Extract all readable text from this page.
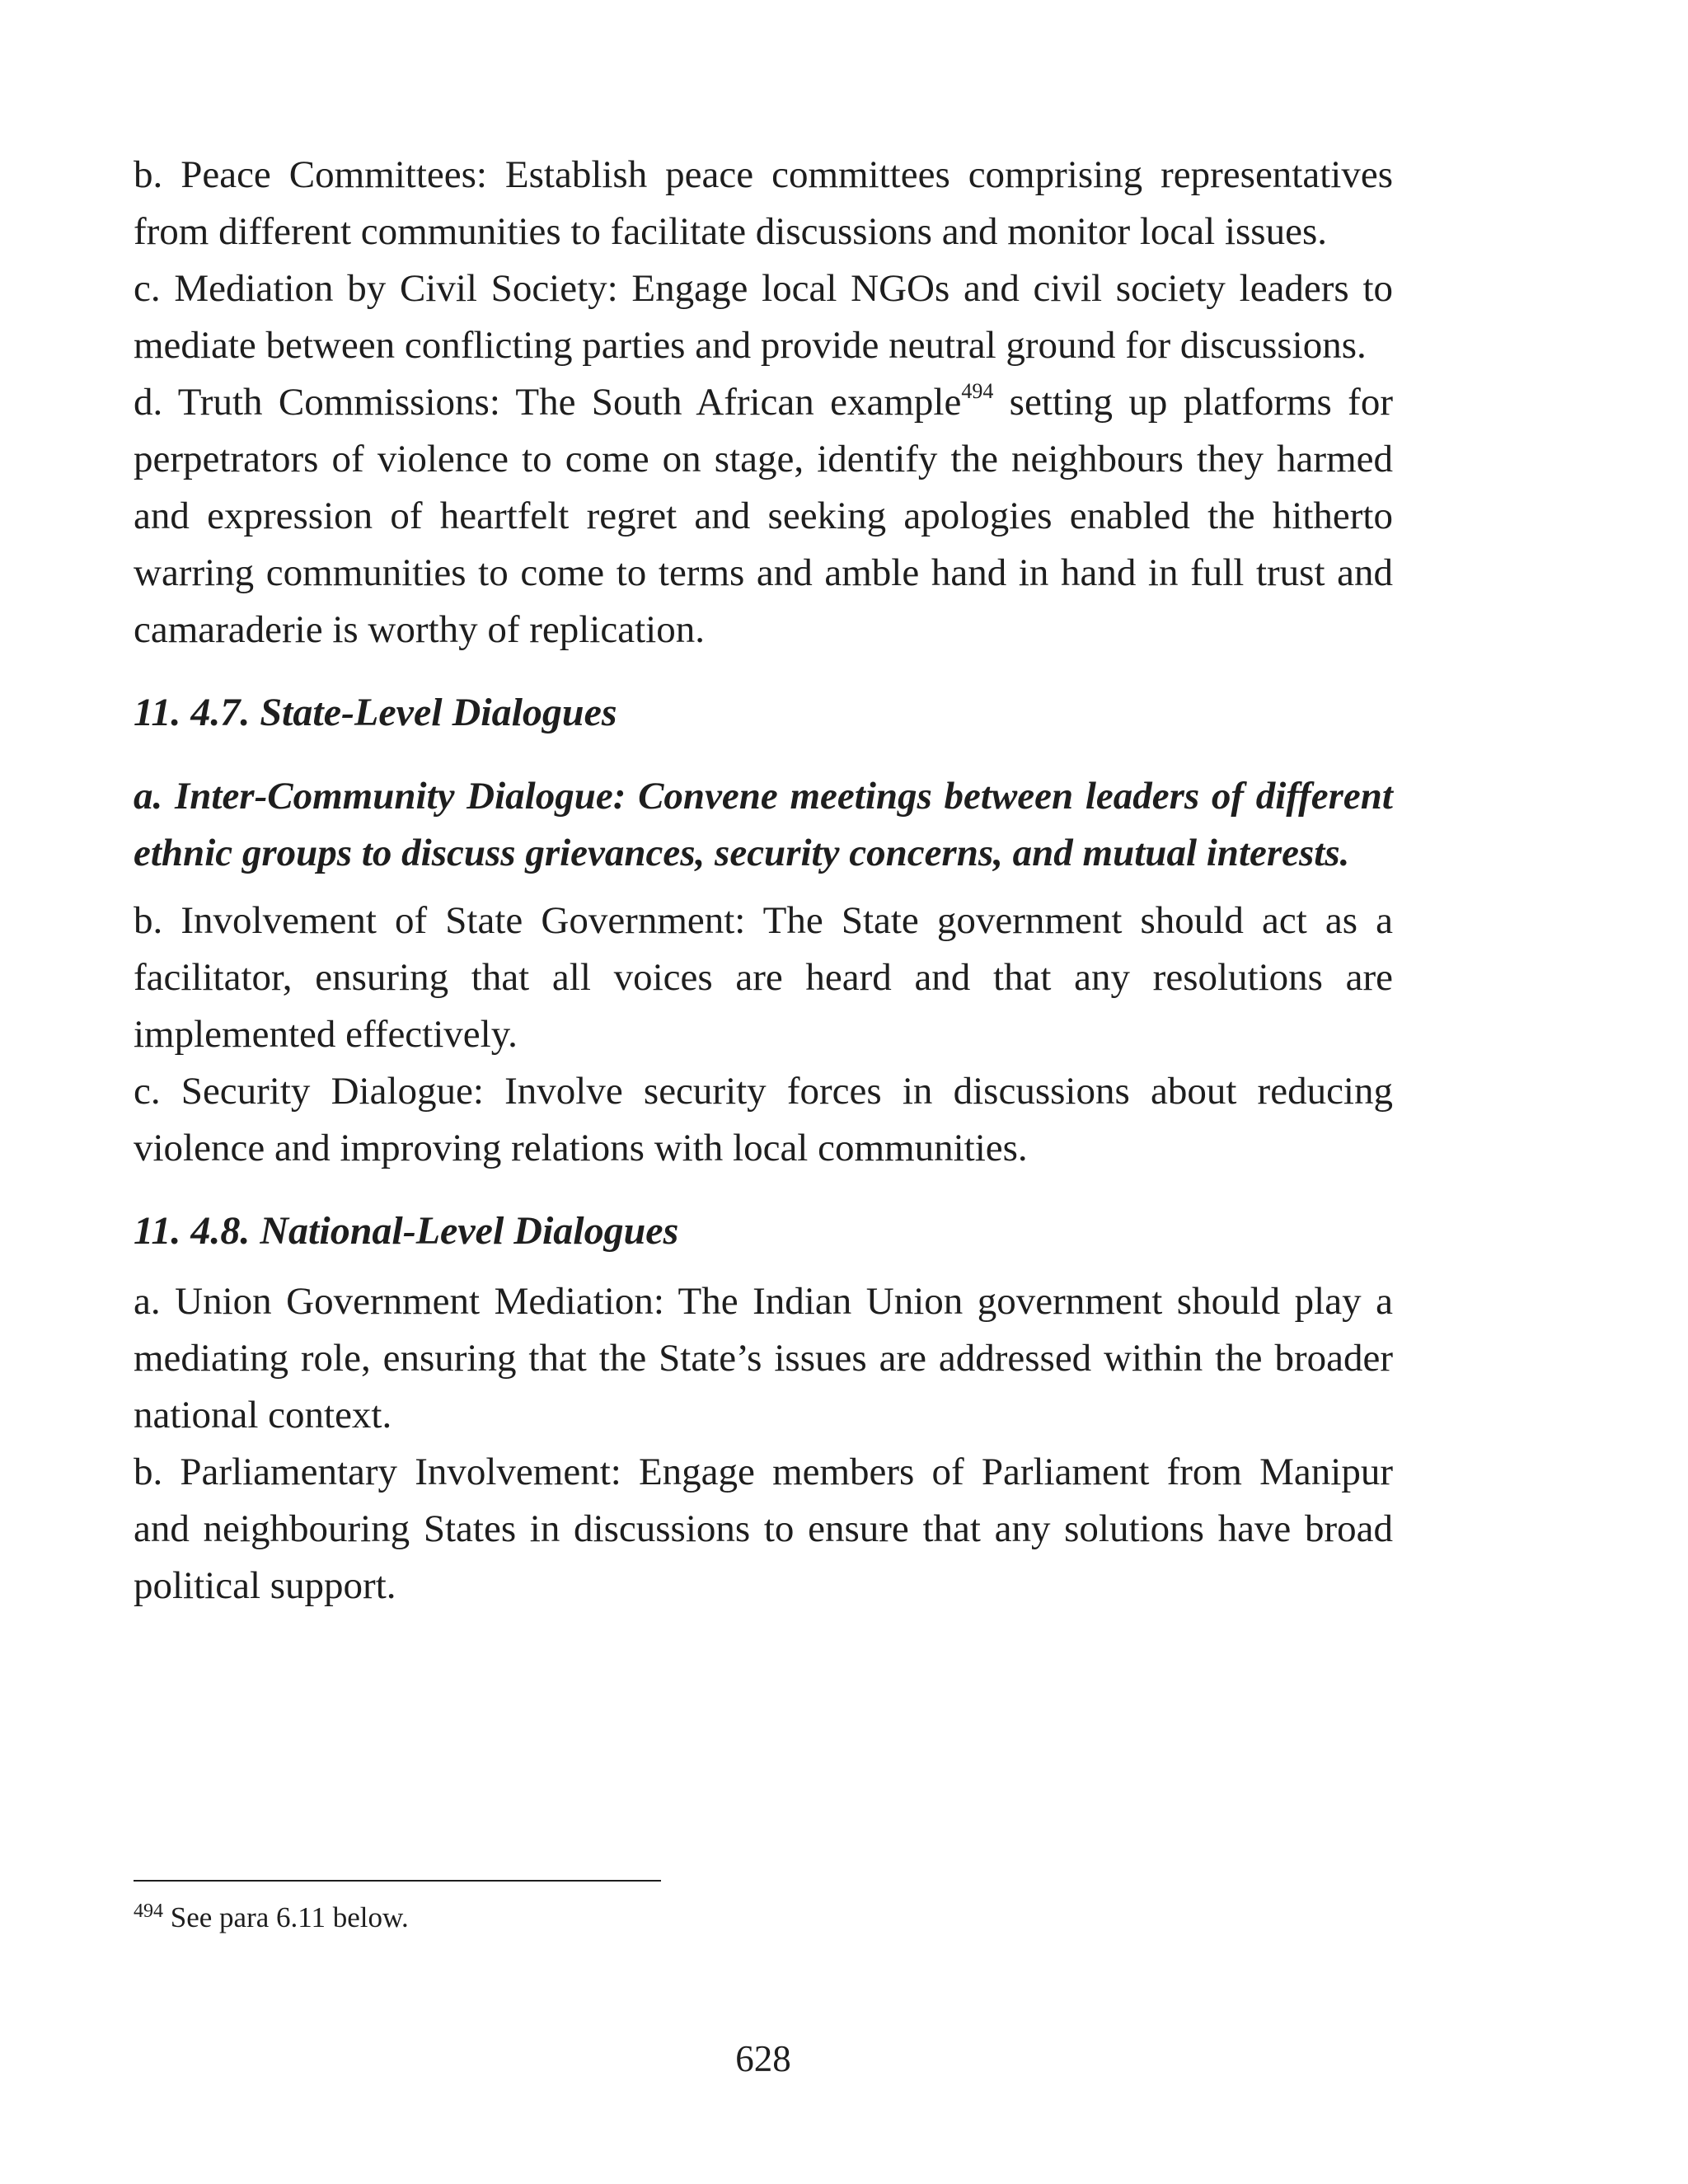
b. Peace Committees: Establish peace committees comprising representatives from different communities to facilitate discussions and monitor local issues.

c. Mediation by Civil Society: Engage local NGOs and civil society leaders to mediate between conflicting parties and provide neutral ground for discussions.

d. Truth Commissions: The South African example$^{494}$ setting up platforms for perpetrators of violence to come on stage, identify the neighbours they harmed and expression of heartfelt regret and seeking apologies enabled the hitherto warring communities to come to terms and amble hand in hand in full trust and camaraderie is worthy of replication.

11. 4.7. State-Level Dialogues

a. Inter-Community Dialogue: Convene meetings between leaders of different ethnic groups to discuss grievances, security concerns, and mutual interests.

b. Involvement of State Government: The State government should act as a facilitator, ensuring that all voices are heard and that any resolutions are implemented effectively.

c. Security Dialogue: Involve security forces in discussions about reducing violence and improving relations with local communities.

11. 4.8. National-Level Dialogues

a. Union Government Mediation: The Indian Union government should play a mediating role, ensuring that the State’s issues are addressed within the broader national context.

b. Parliamentary Involvement: Engage members of Parliament from Manipur and neighbouring States in discussions to ensure that any solutions have broad political support.

$^{494}$ See para 6.11 below.
628
